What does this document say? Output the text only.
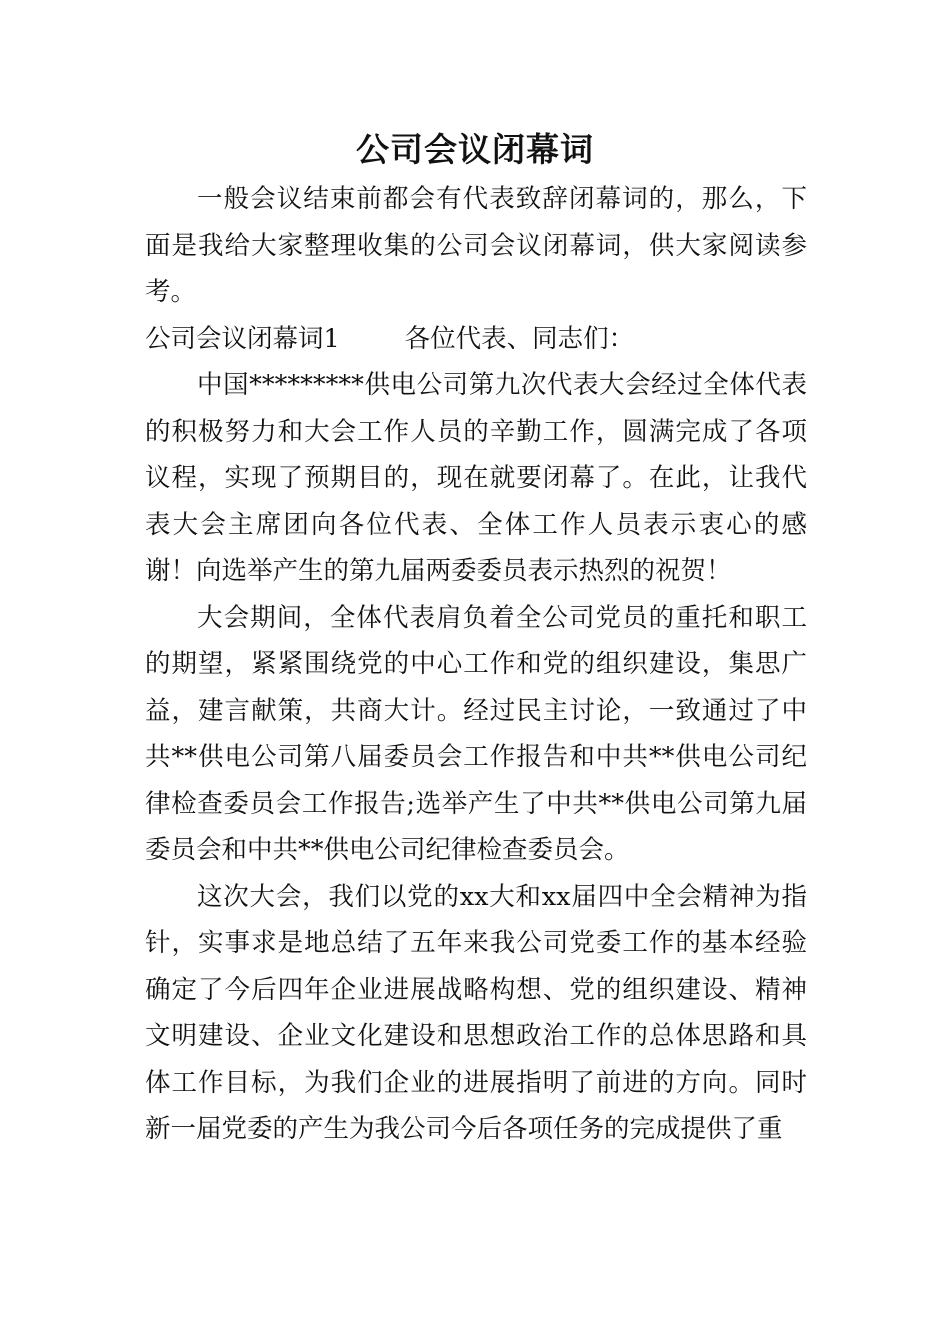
公司会议闭幕词

一般会议结束前都会有代表致辞闭幕词的，那么，下面是我给大家整理收集的公司会议闭幕词，供大家阅读参考。

公司会议闭幕词1	各位代表、同志们：

中国*********供电公司第九次代表大会经过全体代表的积极努力和大会工作人员的辛勤工作，圆满完成了各项议程，实现了预期目的，现在就要闭幕了。在此，让我代表大会主席团向各位代表、全体工作人员表示衷心的感谢！向选举产生的第九届两委委员表示热烈的祝贺！

大会期间，全体代表肩负着全公司党员的重托和职工的期望，紧紧围绕党的中心工作和党的组织建设，集思广益，建言献策，共商大计。经过民主讨论，一致通过了中共**供电公司第八届委员会工作报告和中共**供电公司纪律检查委员会工作报告;选举产生了中共**供电公司第九届委员会和中共**供电公司纪律检查委员会。

这次大会，我们以党的xx大和xx届四中全会精神为指针，实事求是地总结了五年来我公司党委工作的基本经验确定了今后四年企业进展战略构想、党的组织建设、精神文明建设、企业文化建设和思想政治工作的总体思路和具体工作目标，为我们企业的进展指明了前进的方向。同时新一届党委的产生为我公司今后各项任务的完成提供了重
